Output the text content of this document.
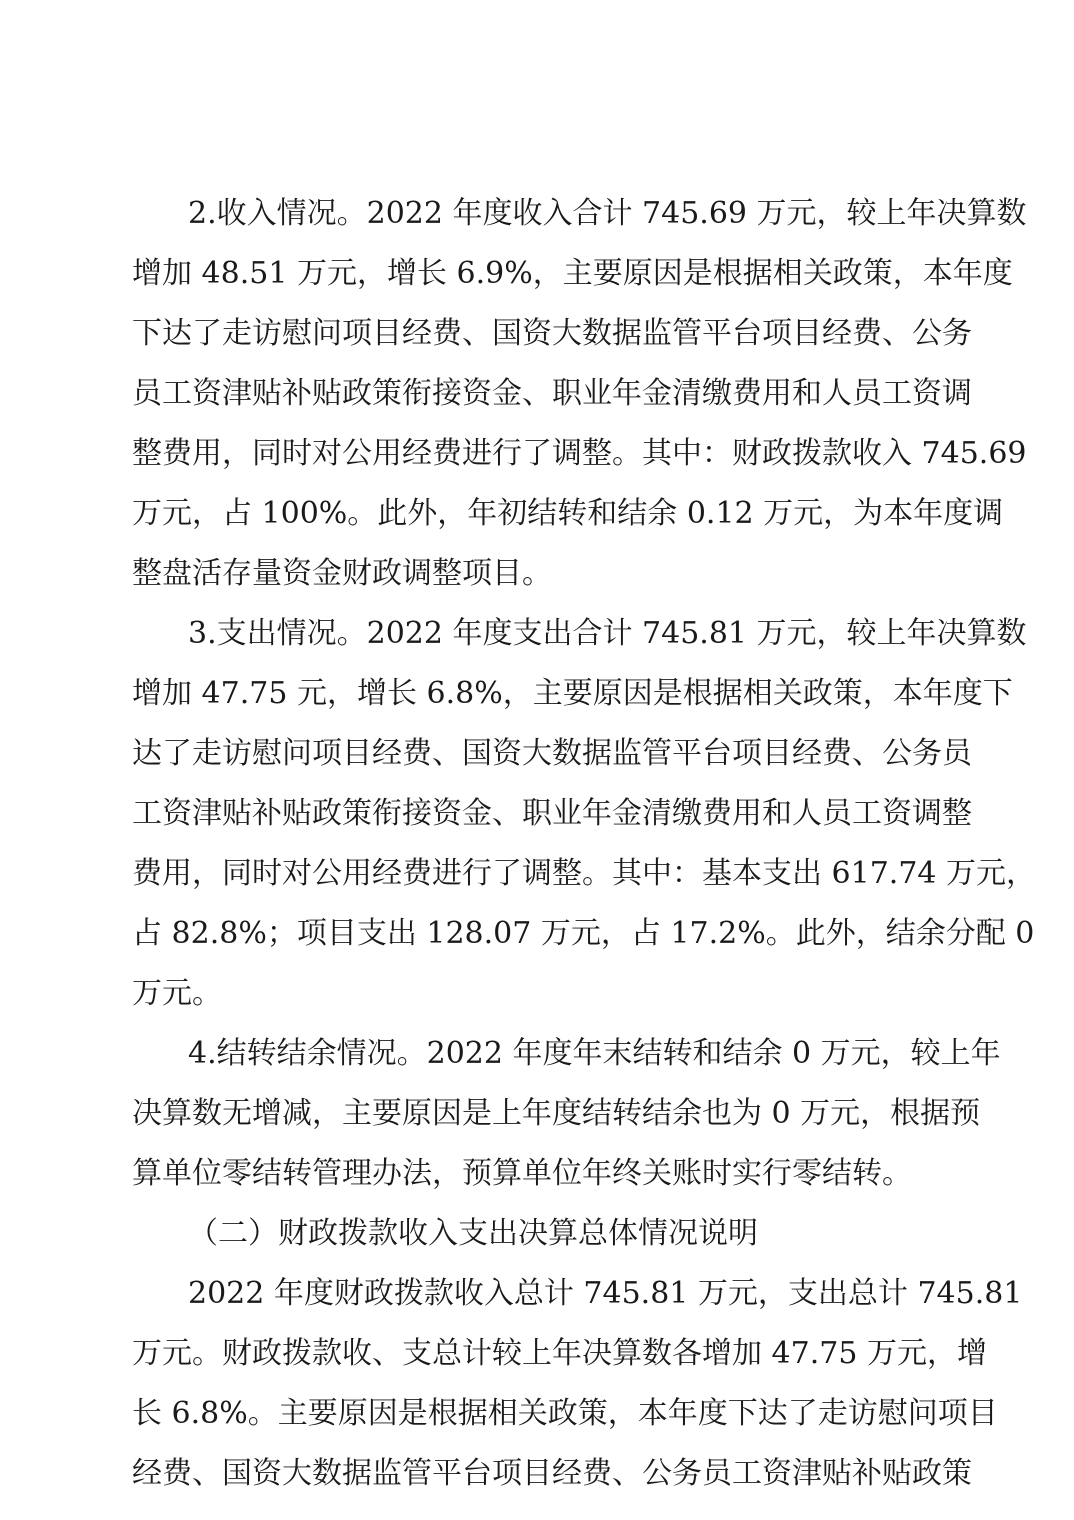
2.收入情况。2022 年度收入合计 745.69 万元，较上年决算数
增加 48.51 万元，增长 6.9%，主要原因是根据相关政策，本年度
下达了走访慰问项目经费、国资大数据监管平台项目经费、公务
员工资津贴补贴政策衔接资金、职业年金清缴费用和人员工资调
整费用，同时对公用经费进行了调整。其中：财政拨款收入 745.69
万元，占 100%。此外，年初结转和结余 0.12 万元，为本年度调
整盘活存量资金财政调整项目。
3.支出情况。2022 年度支出合计 745.81 万元，较上年决算数
增加 47.75 元，增长 6.8%，主要原因是根据相关政策，本年度下
达了走访慰问项目经费、国资大数据监管平台项目经费、公务员
工资津贴补贴政策衔接资金、职业年金清缴费用和人员工资调整
费用，同时对公用经费进行了调整。其中：基本支出 617.74 万元，
占 82.8%；项目支出 128.07 万元，占 17.2%。此外，结余分配 0
万元。
4.结转结余情况。2022 年度年末结转和结余 0 万元，较上年
决算数无增减，主要原因是上年度结转结余也为 0 万元，根据预
算单位零结转管理办法，预算单位年终关账时实行零结转。
（二）财政拨款收入支出决算总体情况说明
2022 年度财政拨款收入总计 745.81 万元，支出总计 745.81
万元。财政拨款收、支总计较上年决算数各增加 47.75 万元，增
长 6.8%。主要原因是根据相关政策，本年度下达了走访慰问项目
经费、国资大数据监管平台项目经费、公务员工资津贴补贴政策
